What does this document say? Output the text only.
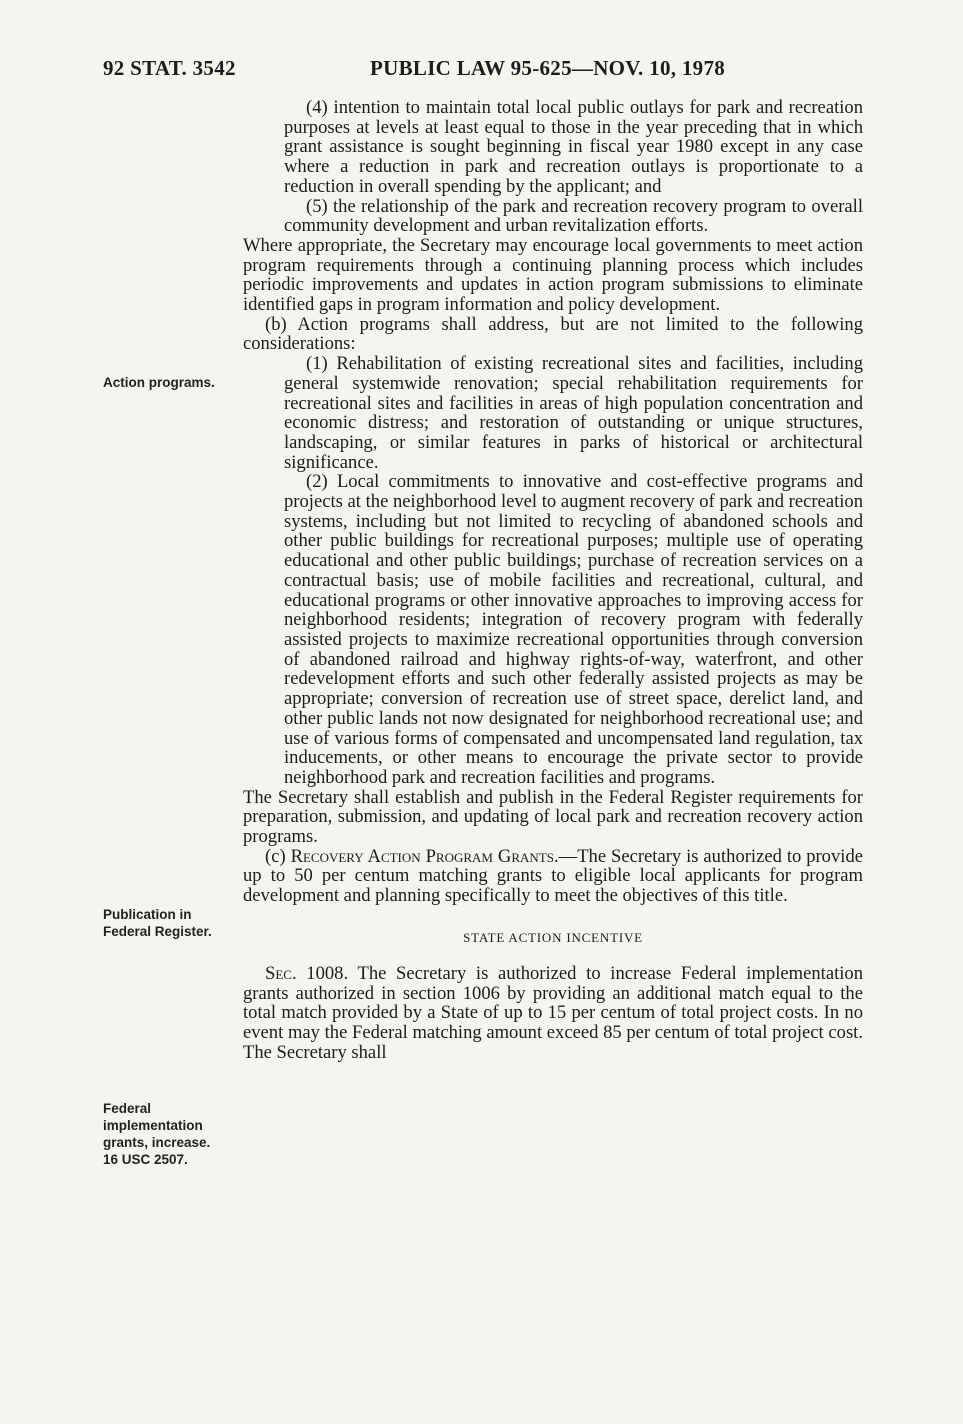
92 STAT. 3542	PUBLIC LAW 95-625—NOV. 10, 1978
Action programs.
Publication in
Federal Register.
Federal
implementation
grants, increase.
16 USC 2507.

(4) intention to maintain total local public outlays for park and recreation purposes at levels at least equal to those in the year preceding that in which grant assistance is sought beginning in fiscal year 1980 except in any case where a reduction in park and recreation outlays is proportionate to a reduction in overall spending by the applicant; and

(5) the relationship of the park and recreation recovery program to overall community development and urban revitalization efforts.

Where appropriate, the Secretary may encourage local governments to meet action program requirements through a continuing planning process which includes periodic improvements and updates in action program submissions to eliminate identified gaps in program information and policy development.

(b) Action programs shall address, but are not limited to the following considerations:

(1) Rehabilitation of existing recreational sites and facilities, including general systemwide renovation; special rehabilitation requirements for recreational sites and facilities in areas of high population concentration and economic distress; and restoration of outstanding or unique structures, landscaping, or similar features in parks of historical or architectural significance.

(2) Local commitments to innovative and cost-effective programs and projects at the neighborhood level to augment recovery of park and recreation systems, including but not limited to recycling of abandoned schools and other public buildings for recreational purposes; multiple use of operating educational and other public buildings; purchase of recreation services on a contractual basis; use of mobile facilities and recreational, cultural, and educational programs or other innovative approaches to improving access for neighborhood residents; integration of recovery program with federally assisted projects to maximize recreational opportunities through conversion of abandoned railroad and highway rights-of-way, waterfront, and other redevelopment efforts and such other federally assisted projects as may be appropriate; conversion of recreation use of street space, derelict land, and other public lands not now designated for neighborhood recreational use; and use of various forms of compensated and uncompensated land regulation, tax inducements, or other means to encourage the private sector to provide neighborhood park and recreation facilities and programs.

The Secretary shall establish and publish in the Federal Register requirements for preparation, submission, and updating of local park and recreation recovery action programs.

(c) Recovery Action Program Grants.—The Secretary is authorized to provide up to 50 per centum matching grants to eligible local applicants for program development and planning specifically to meet the objectives of this title.

STATE ACTION INCENTIVE

Sec. 1008. The Secretary is authorized to increase Federal implementation grants authorized in section 1006 by providing an additional match equal to the total match provided by a State of up to 15 per centum of total project costs. In no event may the Federal matching amount exceed 85 per centum of total project cost. The Secretary shall
